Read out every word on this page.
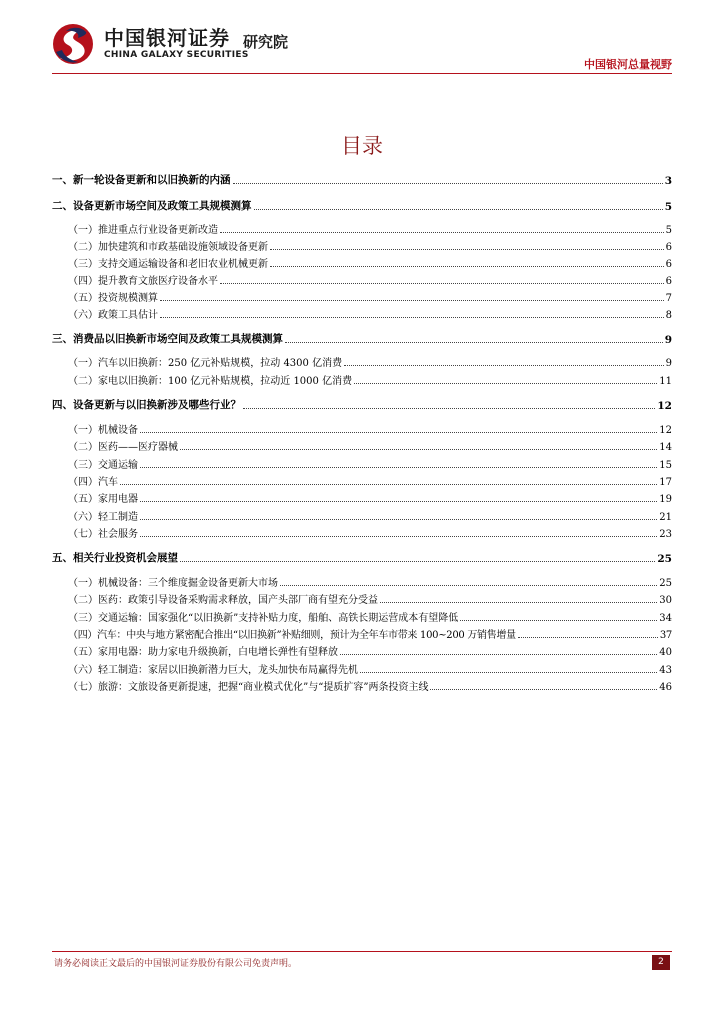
中国银河证券
CHINA GALAXY SECURITIES
研究院
中国银河总量视野
目录
一、新一轮设备更新和以旧换新的内涵	3
二、设备更新市场空间及政策工具规模测算	5
（一）推进重点行业设备更新改造	5
（二）加快建筑和市政基础设施领域设备更新	6
（三）支持交通运输设备和老旧农业机械更新	6
（四）提升教育文旅医疗设备水平	6
（五）投资规模测算	7
（六）政策工具估计	8
三、消费品以旧换新市场空间及政策工具规模测算	9
（一）汽车以旧换新：250 亿元补贴规模，拉动 4300 亿消费	9
（二）家电以旧换新：100 亿元补贴规模，拉动近 1000 亿消费	11
四、设备更新与以旧换新涉及哪些行业？	12
（一）机械设备	12
（二）医药——医疗器械	14
（三）交通运输	15
（四）汽车	17
（五）家用电器	19
（六）轻工制造	21
（七）社会服务	23
五、相关行业投资机会展望	25
（一）机械设备：三个维度掘金设备更新大市场	25
（二）医药：政策引导设备采购需求释放，国产头部厂商有望充分受益	30
（三）交通运输：国家强化“以旧换新”支持补贴力度，船舶、高铁长期运营成本有望降低	34
（四）汽车：中央与地方紧密配合推出“以旧换新”补贴细则，预计为全年车市带来 100~200 万销售增量	37
（五）家用电器：助力家电升级换新，白电增长弹性有望释放	40
（六）轻工制造：家居以旧换新潜力巨大，龙头加快布局赢得先机	43
（七）旅游：文旅设备更新提速，把握“商业模式优化”与“提质扩容”两条投资主线	46
请务必阅读正文最后的中国银河证券股份有限公司免责声明。	2
